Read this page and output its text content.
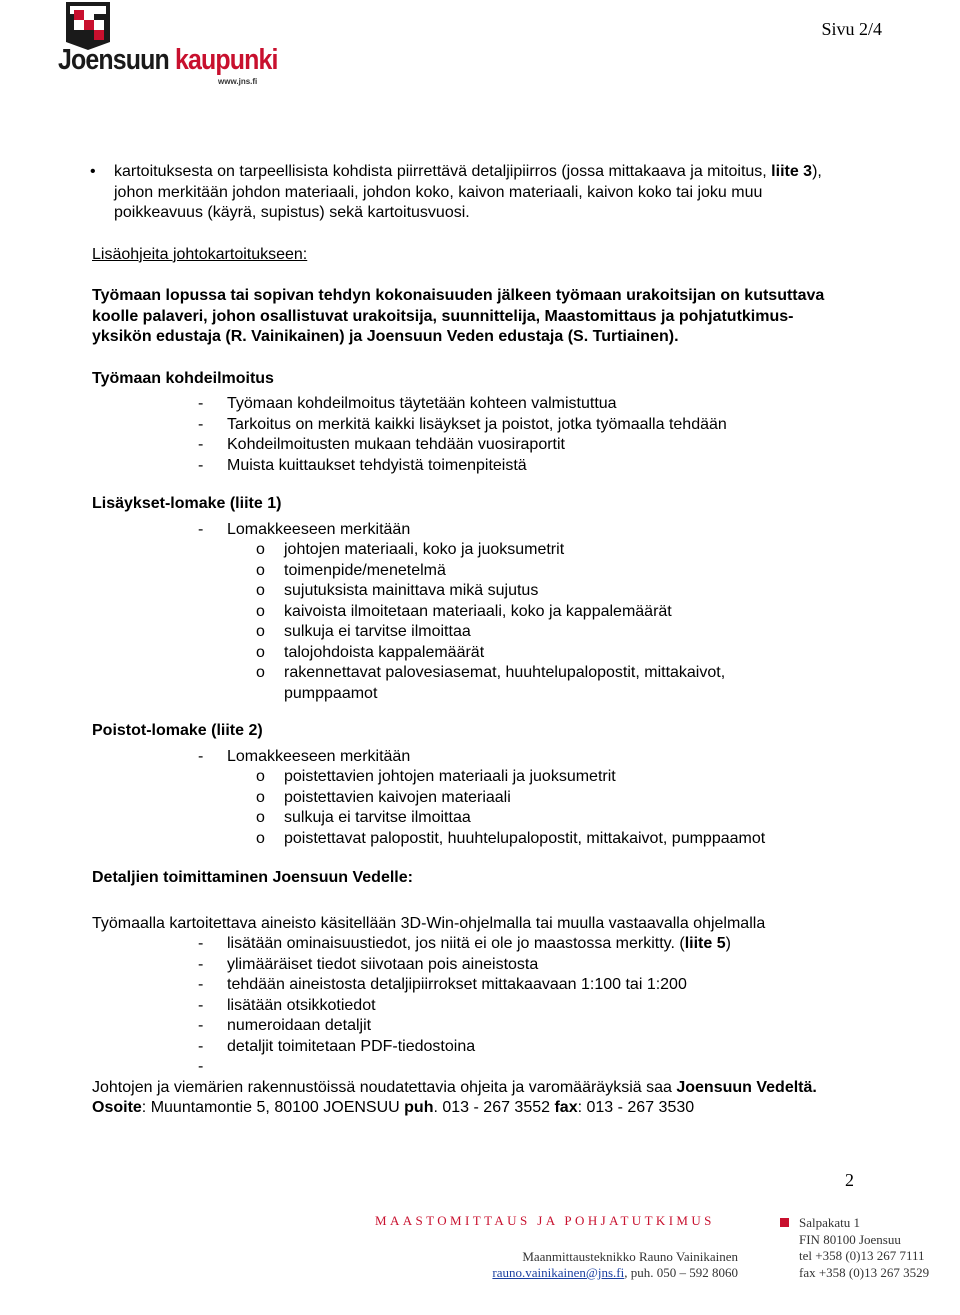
Joensuun kaupunki
www.jns.fi
Sivu 2/4

• kartoituksesta on tarpeellisista kohdista piirrettävä detaljipiirros (jossa mittakaava ja mitoitus, liite 3), johon merkitään johdon materiaali, johdon koko, kaivon materiaali, kaivon koko tai joku muu poikkeavuus (käyrä, supistus) sekä kartoitusvuosi.

Lisäohjeita johtokartoitukseen:

Työmaan lopussa tai sopivan tehdyn kokonaisuuden jälkeen työmaan urakoitsijan on kutsuttava koolle palaveri, johon osallistuvat urakoitsija, suunnittelija, Maastomittaus ja pohjatutkimus-yksikön edustaja (R. Vainikainen) ja Joensuun Veden edustaja (S. Turtiainen).

Työmaan kohdeilmoitus

- Työmaan kohdeilmoitus täytetään kohteen valmistuttua

- Tarkoitus on merkitä kaikki lisäykset ja poistot, jotka työmaalla tehdään

- Kohdeilmoitusten mukaan tehdään vuosiraportit

- Muista kuittaukset tehdyistä toimenpiteistä

Lisäykset-lomake (liite 1)

- Lomakkeeseen merkitään

o johtojen materiaali, koko ja juoksumetrit

o toimenpide/menetelmä

o sujutuksista mainittava mikä sujutus

o kaivoista ilmoitetaan materiaali, koko ja kappalemäärät

o sulkuja ei tarvitse ilmoittaa

o talojohdoista kappalemäärät

o rakennettavat palovesiasemat, huuhtelupalopostit, mittakaivot, pumppaamot

Poistot-lomake (liite 2)

- Lomakkeeseen merkitään

o poistettavien johtojen materiaali ja juoksumetrit

o poistettavien kaivojen materiaali

o sulkuja ei tarvitse ilmoittaa

o poistettavat palopostit, huuhtelupalopostit, mittakaivot, pumppaamot

Detaljien toimittaminen Joensuun Vedelle:

Työmaalla kartoitettava aineisto käsitellään 3D-Win-ohjelmalla tai muulla vastaavalla ohjelmalla

- lisätään ominaisuustiedot, jos niitä ei ole jo maastossa merkitty. (liite 5)

- ylimääräiset tiedot siivotaan pois aineistosta

- tehdään aineistosta detaljipiirrokset mittakaavaan 1:100 tai 1:200

- lisätään otsikkotiedot

- numeroidaan detaljit

- detaljit toimitetaan PDF-tiedostoina

-

Johtojen ja viemärien rakennustöissä noudatettavia ohjeita ja varomääräyksiä saa Joensuun Vedeltä. Osoite: Muuntamontie 5, 80100 JOENSUU puh. 013 - 267 3552 fax: 013 - 267 3530

2
MAASTOMITTAUS JA POHJATUTKIMUS
Maanmittausteknikko Rauno Vainikainen
rauno.vainikainen@jns.fi, puh. 050 – 592 8060
Salpakatu 1
FIN 80100 Joensuu
tel +358 (0)13 267 7111
fax +358 (0)13 267 3529
